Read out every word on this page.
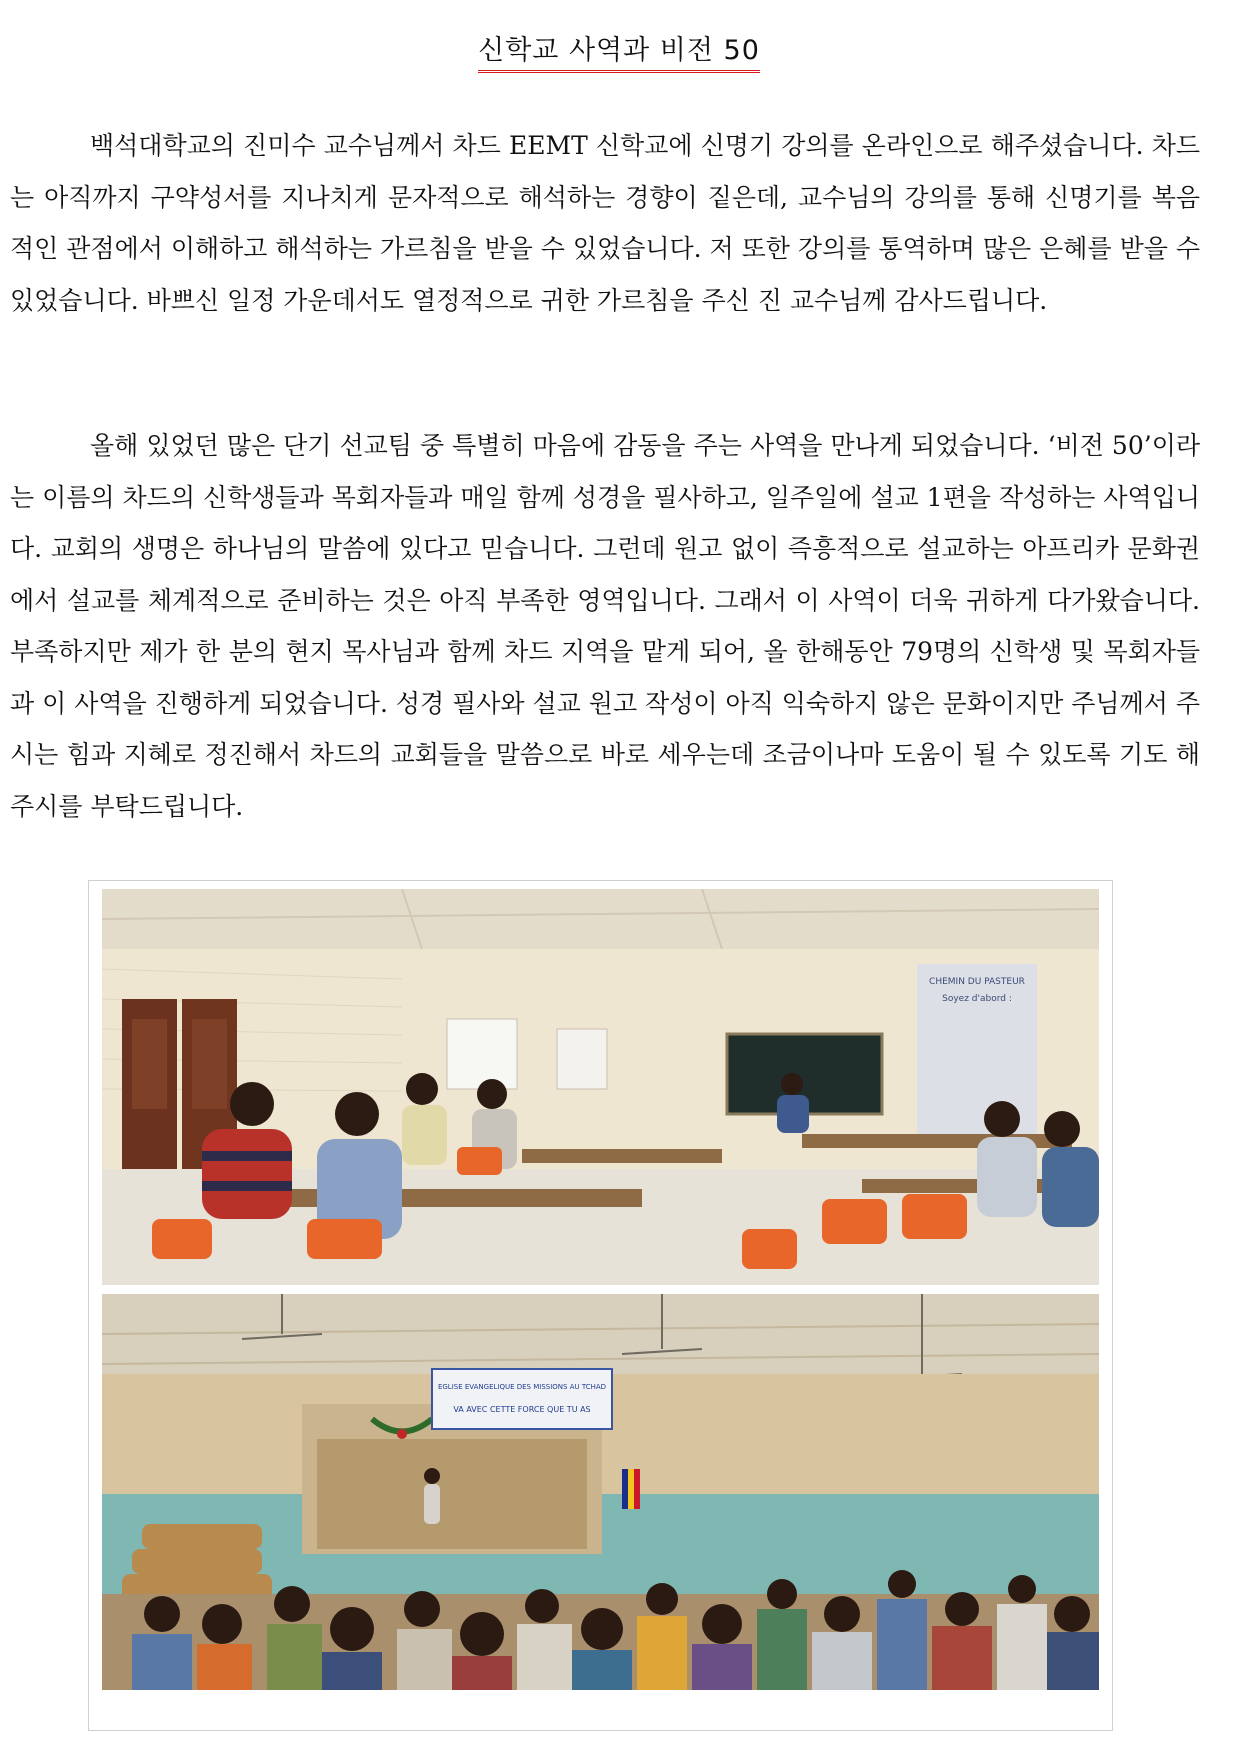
신학교 사역과 비전 50

백석대학교의 진미수 교수님께서 차드 EEMT 신학교에 신명기 강의를 온라인으로 해주셨습니다. 차드는 아직까지 구약성서를 지나치게 문자적으로 해석하는 경향이 짙은데, 교수님의 강의를 통해 신명기를 복음적인 관점에서 이해하고 해석하는 가르침을 받을 수 있었습니다. 저 또한 강의를 통역하며 많은 은혜를 받을 수 있었습니다. 바쁘신 일정 가운데서도 열정적으로 귀한 가르침을 주신 진 교수님께 감사드립니다.

올해 있었던 많은 단기 선교팀 중 특별히 마음에 감동을 주는 사역을 만나게 되었습니다. ‘비전 50’이라는 이름의 차드의 신학생들과 목회자들과 매일 함께 성경을 필사하고, 일주일에 설교 1편을 작성하는 사역입니다. 교회의 생명은 하나님의 말씀에 있다고 믿습니다. 그런데 원고 없이 즉흥적으로 설교하는 아프리카 문화권에서 설교를 체계적으로 준비하는 것은 아직 부족한 영역입니다. 그래서 이 사역이 더욱 귀하게 다가왔습니다. 부족하지만 제가 한 분의 현지 목사님과 함께 차드 지역을 맡게 되어, 올 한해동안 79명의 신학생 및 목회자들과 이 사역을 진행하게 되었습니다. 성경 필사와 설교 원고 작성이 아직 익숙하지 않은 문화이지만 주님께서 주시는 힘과 지혜로 정진해서 차드의 교회들을 말씀으로 바로 세우는데 조금이나마 도움이 될 수 있도록 기도 해주시를 부탁드립니다.

CHEMIN DU PASTEUR
Soyez d'abord :
EGLISE EVANGELIQUE DES MISSIONS AU TCHAD
VA AVEC CETTE FORCE QUE TU AS
